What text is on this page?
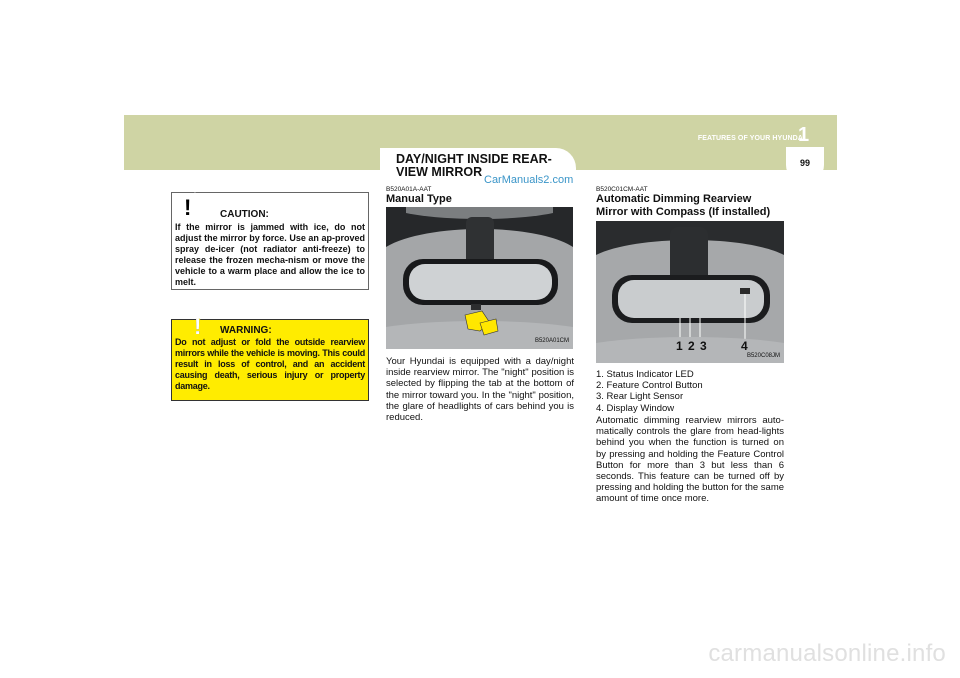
FEATURES OF YOUR HYUNDAI
1
99
DAY/NIGHT INSIDE REAR-
VIEW MIRROR
CarManuals2.com
!	CAUTION:
If the mirror is jammed with ice, do not adjust the mirror by force. Use an ap-proved spray de-icer (not radiator anti-freeze) to release the frozen mecha-nism or move the vehicle to a warm place and allow the ice to melt.
! WARNING:
Do not adjust or fold the outside rearview mirrors while the vehicle is moving. This could result in loss of control, and an accident causing death, serious injury or property damage.
B520A01A-AAT
Manual Type
B520A01CM
Your Hyundai is equipped with a day/night inside rearview mirror. The "night" position is selected by flipping the tab at the bottom of the mirror toward you. In the "night" position, the glare of headlights of cars behind you is reduced.
B520C01CM-AAT
Automatic Dimming Rearview
Mirror with Compass (If installed)
1 2 3	4
B520C08JM
1. Status Indicator LED
2. Feature Control Button
3. Rear Light Sensor
4. Display Window
Automatic dimming rearview mirrors auto-matically controls the glare from head-lights behind you when the function is turned on by pressing and holding the Feature Control Button for more than 3 but less than 6 seconds. This feature can be turned off by pressing and holding the button for the same amount of time once more.
carmanualsonline.info
